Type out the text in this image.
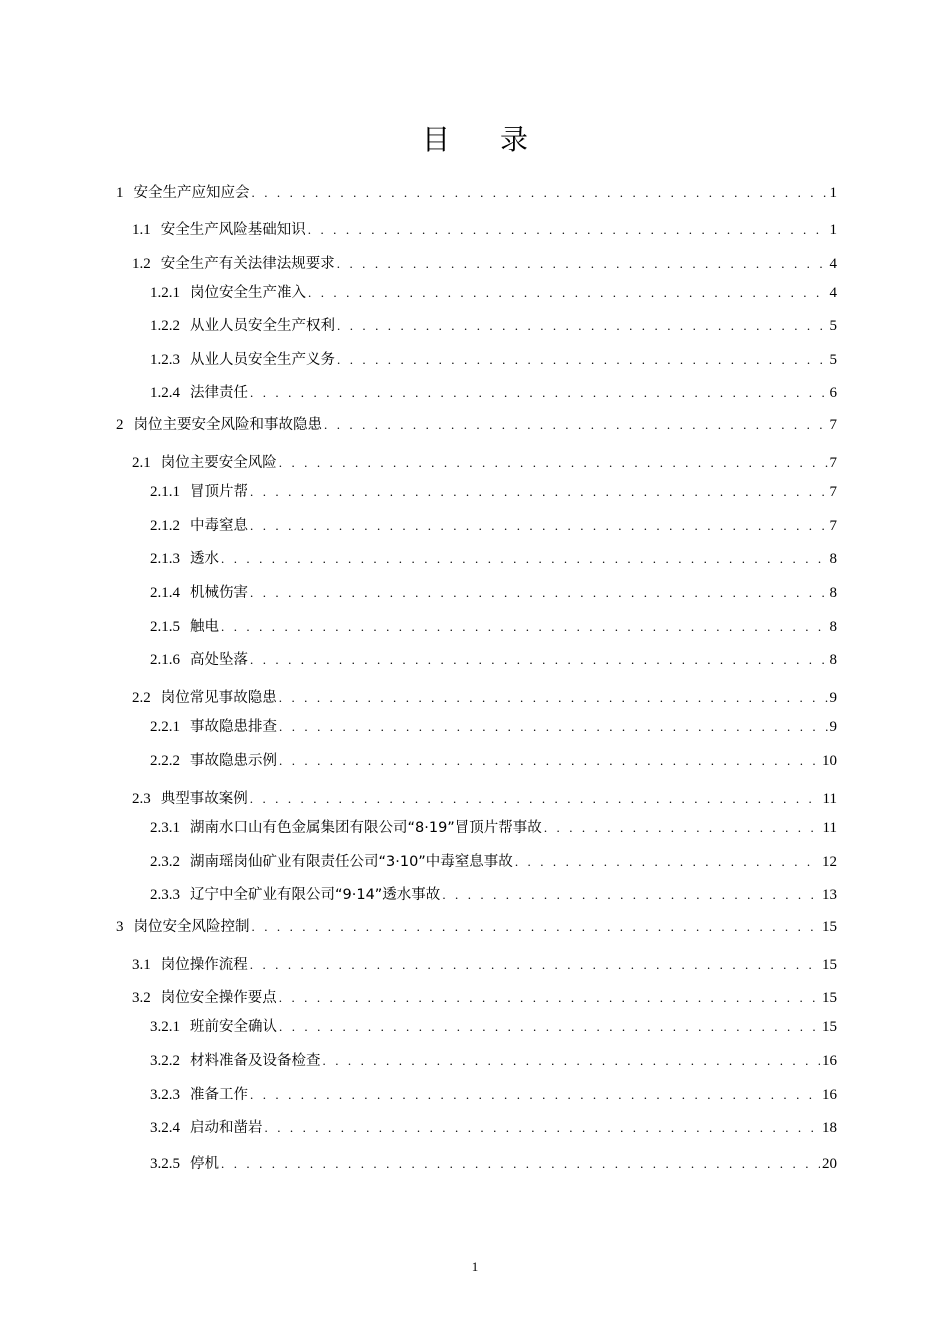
目 录
1 安全生产应知应会 . . .	1
1.1 安全生产风险基础知识 . . .	1
1.2 安全生产有关法律法规要求 . . .	4
1.2.1 岗位安全生产准入 . . .	4
1.2.2 从业人员安全生产权利 . . .	5
1.2.3 从业人员安全生产义务 . . .	5
1.2.4 法律责任 . . .	6
2 岗位主要安全风险和事故隐患 . . .	7
2.1 岗位主要安全风险 . . .	7
2.1.1 冒顶片帮 . . .	7
2.1.2 中毒窒息 . . .	7
2.1.3 透水 . . .	8
2.1.4 机械伤害 . . .	8
2.1.5 触电 . . .	8
2.1.6 高处坠落 . . .	8
2.2 岗位常见事故隐患 . . .	9
2.2.1 事故隐患排查 . . .	9
2.2.2 事故隐患示例 . . .	10
2.3 典型事故案例 . . .	11
2.3.1 湖南水口山有色金属集团有限公司“8·19”冒顶片帮事故 . . .	11
2.3.2 湖南瑶岗仙矿业有限责任公司“3·10”中毒窒息事故 . . .	12
2.3.3 辽宁中全矿业有限公司“9·14”透水事故 . . .	13
3 岗位安全风险控制 . . .	15
3.1 岗位操作流程 . . .	15
3.2 岗位安全操作要点 . . .	15
3.2.1 班前安全确认 . . .	15
3.2.2 材料准备及设备检查 . . .	16
3.2.3 准备工作 . . .	16
3.2.4 启动和凿岩 . . .	18
3.2.5 停机 . . .	20
1
